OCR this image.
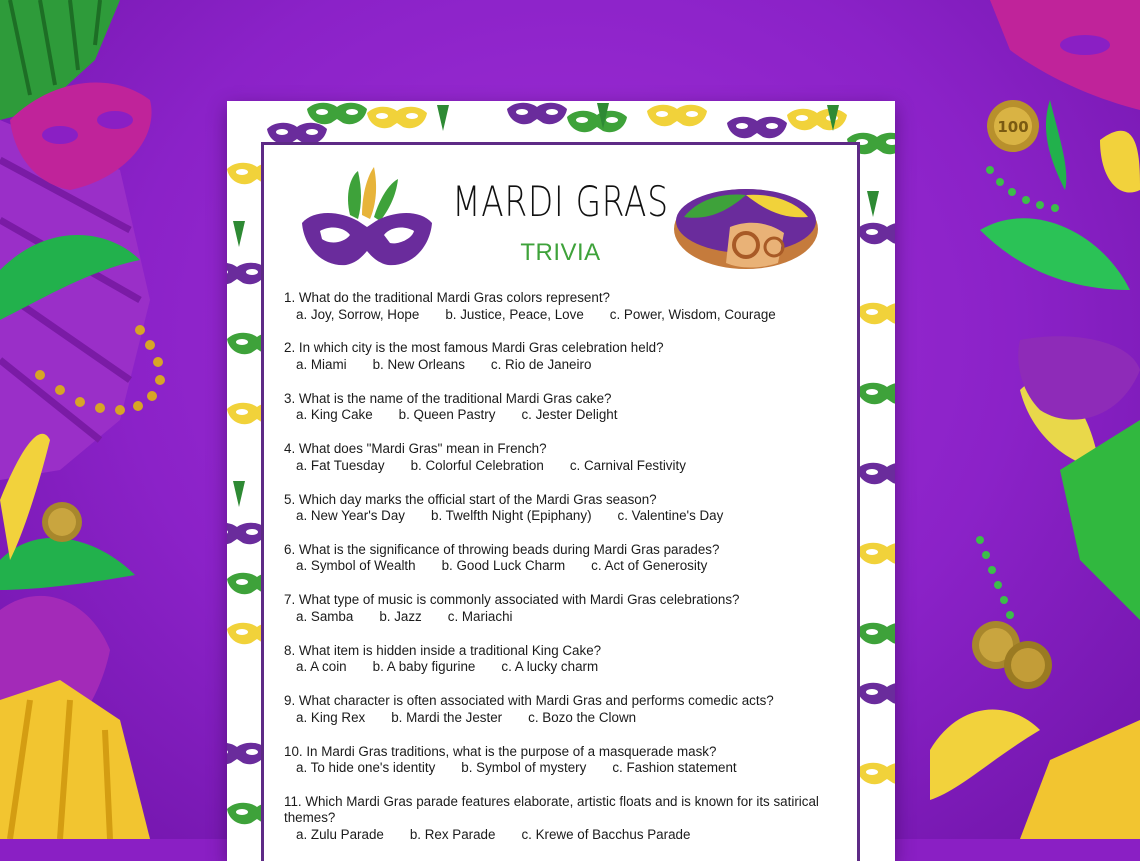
100
MARDI GRAS
TRIVIA
1. What do the traditional Mardi Gras colors represent?
a. Joy, Sorrow, Hope b. Justice, Peace, Love c. Power, Wisdom, Courage
2. In which city is the most famous Mardi Gras celebration held?
a. Miami b. New Orleans c. Rio de Janeiro
3. What is the name of the traditional Mardi Gras cake?
a. King Cake b. Queen Pastry c. Jester Delight
4. What does "Mardi Gras" mean in French?
a. Fat Tuesday b. Colorful Celebration c. Carnival Festivity
5. Which day marks the official start of the Mardi Gras season?
a. New Year's Day b. Twelfth Night (Epiphany) c. Valentine's Day
6. What is the significance of throwing beads during Mardi Gras parades?
a. Symbol of Wealth b. Good Luck Charm c. Act of Generosity
7. What type of music is commonly associated with Mardi Gras celebrations?
a. Samba b. Jazz c. Mariachi
8. What item is hidden inside a traditional King Cake?
a. A coin b. A baby figurine c. A lucky charm
9. What character is often associated with Mardi Gras and performs comedic acts?
a. King Rex b. Mardi the Jester c. Bozo the Clown
10. In Mardi Gras traditions, what is the purpose of a masquerade mask?
a. To hide one's identity b. Symbol of mystery c. Fashion statement
11. Which Mardi Gras parade features elaborate, artistic floats and is known for its satirical themes?
a. Zulu Parade b. Rex Parade c. Krewe of Bacchus Parade
